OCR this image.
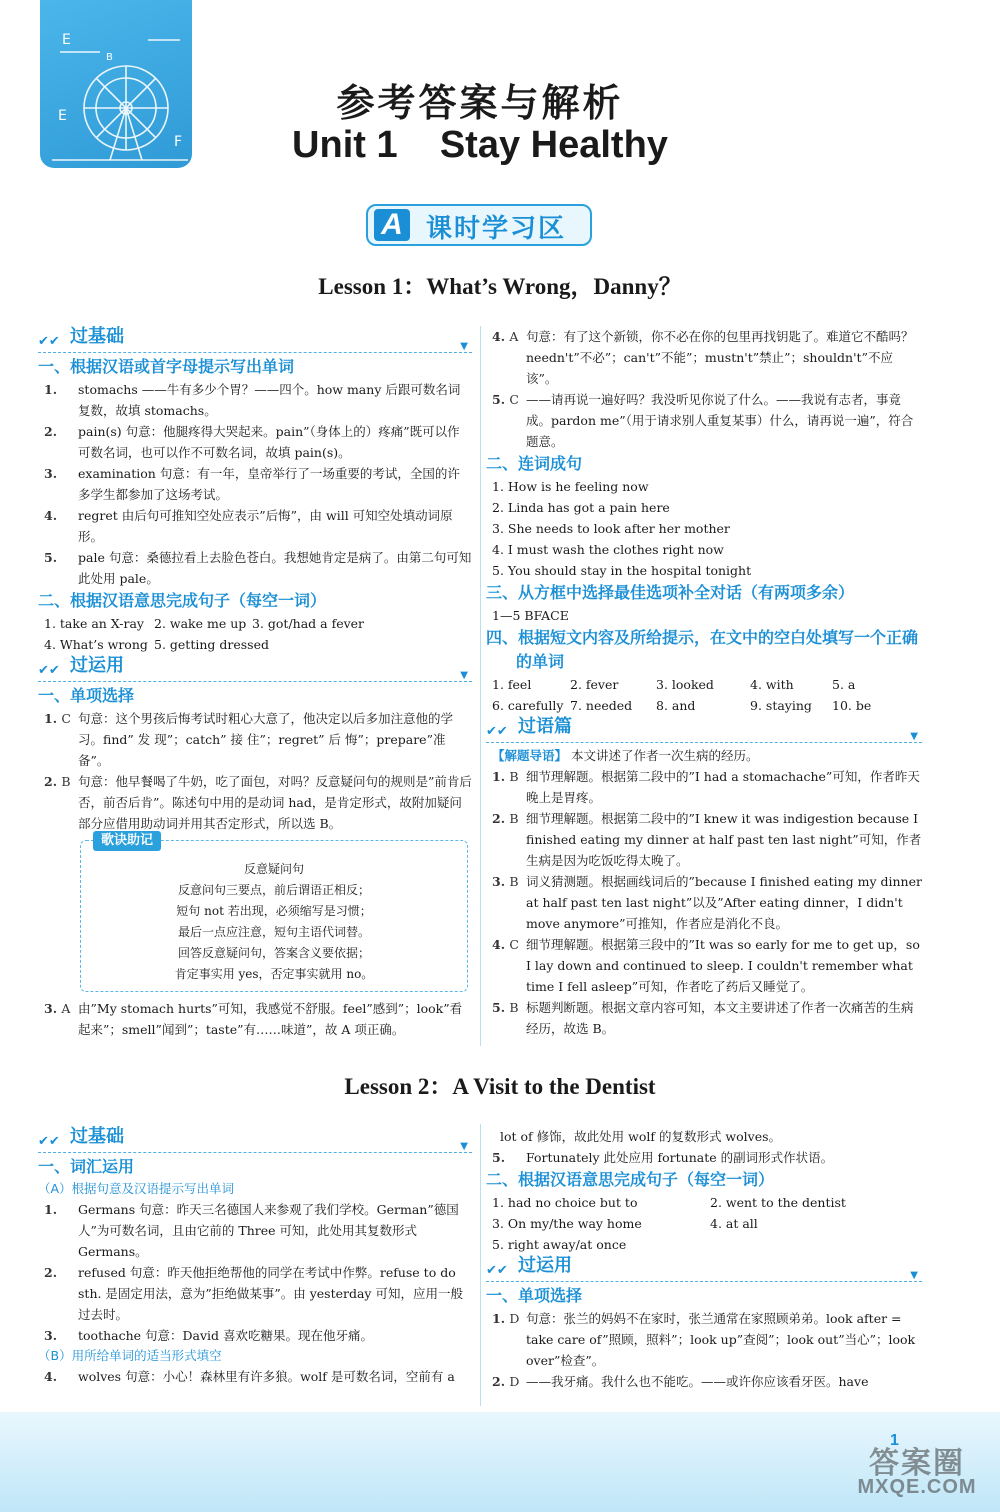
E
B
E
F
参考答案与解析
Unit 1    Stay Healthy
A 课时学习区
Lesson 1：What’s Wrong，Danny？
✔✔ 过基础	▼

一、根据汉语或首字母提示写出单词

1. stomachs ——牛有多少个胃？——四个。how many 后跟可数名词复数，故填 stomachs。

2. pain(s) 句意：他腿疼得大哭起来。pain”（身体上的）疼痛”既可以作可数名词，也可以作不可数名词，故填 pain(s)。

3. examination 句意：有一年，皇帝举行了一场重要的考试，全国的许多学生都参加了这场考试。

4. regret 由后句可推知空处应表示”后悔”，由 will 可知空处填动词原形。

5. pale 句意：桑德拉看上去脸色苍白。我想她肯定是病了。由第二句可知此处用 pale。

二、根据汉语意思完成句子（每空一词）

1. take an X-ray 2. wake me up 3. got/had a fever
4. What’s wrong 5. getting dressed
✔✔ 过运用	▼

一、单项选择

1. C 句意：这个男孩后悔考试时粗心大意了，他决定以后多加注意他的学习。find” 发 现”；catch” 接 住”；regret” 后 悔”；prepare”准备”。

2. B 句意：他早餐喝了牛奶，吃了面包，对吗？反意疑问句的规则是”前肯后否，前否后肯”。陈述句中用的是动词 had，是肯定形式，故附加疑问部分应借用助动词并用其否定形式，所以选 B。

歌诀助记
反意疑问句
反意问句三要点，前后谓语正相反；
短句 not 若出现，必须缩写是习惯；
最后一点应注意，短句主语代词替。
回答反意疑问句，答案含义要依据；
肯定事实用 yes，否定事实就用 no。

3. A 由”My stomach hurts”可知，我感觉不舒服。feel”感到”；look”看起来”；smell”闻到”；taste”有……味道”，故 A 项正确。

4. A 句意：有了这个新锁，你不必在你的包里再找钥匙了。难道它不酷吗？needn't”不必”；can't”不能”；mustn't”禁止”；shouldn't”不应该”。

5. C ——请再说一遍好吗？我没听见你说了什么。——我说有志者，事竟成。pardon me”（用于请求别人重复某事）什么，请再说一遍”，符合题意。

二、连词成句

1. How is he feeling now

2. Linda has got a pain here

3. She needs to look after her mother

4. I must wash the clothes right now

5. You should stay in the hospital tonight

三、从方框中选择最佳选项补全对话（有两项多余）

1—5 BFACE

四、根据短文内容及所给提示，在文中的空白处填写一个正确的单词

1. feel	2. fever	3. looked	4. with	5. a
6. carefully 7. needed	8. and	9. staying	10. be
✔✔ 过语篇	▼

【解题导语】 本文讲述了作者一次生病的经历。

1. B 细节理解题。根据第二段中的”I had a stomachache”可知，作者昨天晚上是胃疼。

2. B 细节理解题。根据第二段中的”I knew it was indigestion because I finished eating my dinner at half past ten last night”可知，作者生病是因为吃饭吃得太晚了。

3. B 词义猜测题。根据画线词后的”because I finished eating my dinner at half past ten last night”以及”After eating dinner，I didn't move anymore”可推知，作者应是消化不良。

4. C 细节理解题。根据第三段中的”It was so early for me to get up，so I lay down and continued to sleep. I couldn't remember what time I fell asleep”可知，作者吃了药后又睡觉了。

5. B 标题判断题。根据文章内容可知，本文主要讲述了作者一次痛苦的生病经历，故选 B。

Lesson 2：A Visit to the Dentist
✔✔ 过基础	▼

一、词汇运用

（A）根据句意及汉语提示写出单词

1. Germans 句意：昨天三名德国人来参观了我们学校。German”德国人”为可数名词，且由它前的 Three 可知，此处用其复数形式 Germans。

2. refused 句意：昨天他拒绝帮他的同学在考试中作弊。refuse to do sth. 是固定用法，意为”拒绝做某事”。由 yesterday 可知，应用一般过去时。

3. toothache 句意：David 喜欢吃糖果。现在他牙痛。

（B）用所给单词的适当形式填空

4. wolves 句意：小心！森林里有许多狼。wolf 是可数名词，空前有 a

lot of 修饰，故此处用 wolf 的复数形式 wolves。

5. Fortunately 此处应用 fortunate 的副词形式作状语。

二、根据汉语意思完成句子（每空一词）

1. had no choice but to	2. went to the dentist
3. On my/the way home	4. at all
5. right away/at once
✔✔ 过运用	▼

一、单项选择

1. D 句意：张兰的妈妈不在家时，张兰通常在家照顾弟弟。look after = take care of”照顾，照料”；look up”查阅”；look out”当心”；look over”检查”。

2. D ——我牙痛。我什么也不能吃。——或许你应该看牙医。have

1
答案圈
MXQE.COM
